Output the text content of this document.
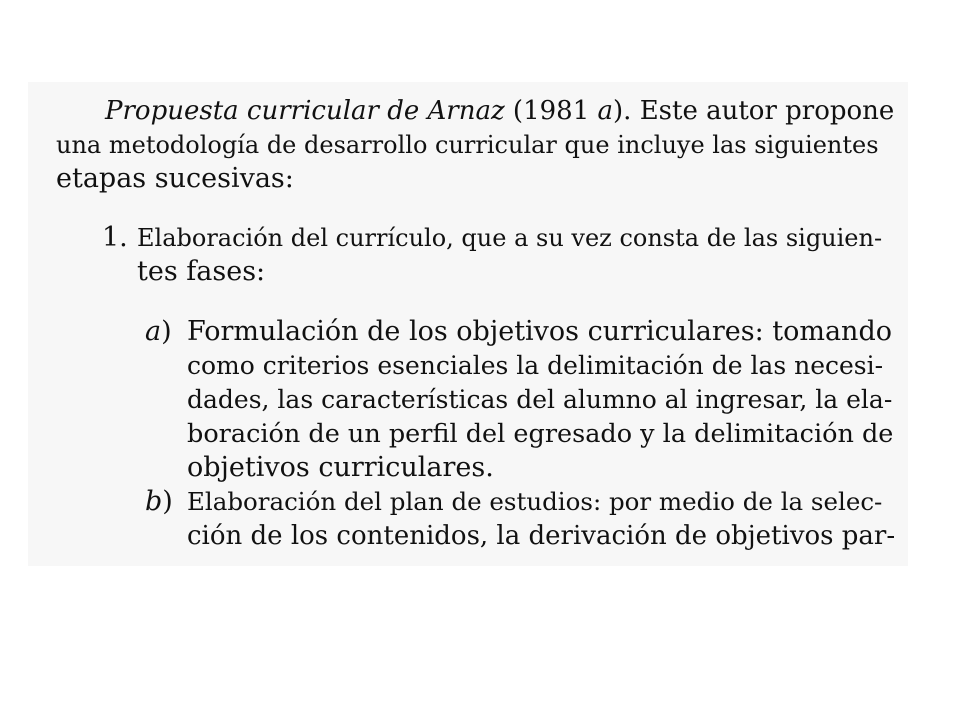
Propuesta curricular de Arnaz (1981 a). Este autor propone
una metodología de desarrollo curricular que incluye las siguientes
etapas sucesivas:
1. Elaboración del currículo, que a su vez consta de las siguien-
tes fases:
a) Formulación de los objetivos curriculares: tomando
como criterios esenciales la delimitación de las necesi-
dades, las características del alumno al ingresar, la ela-
boración de un perfil del egresado y la delimitación de
objetivos curriculares.
b) Elaboración del plan de estudios: por medio de la selec-
ción de los contenidos, la derivación de objetivos par-
